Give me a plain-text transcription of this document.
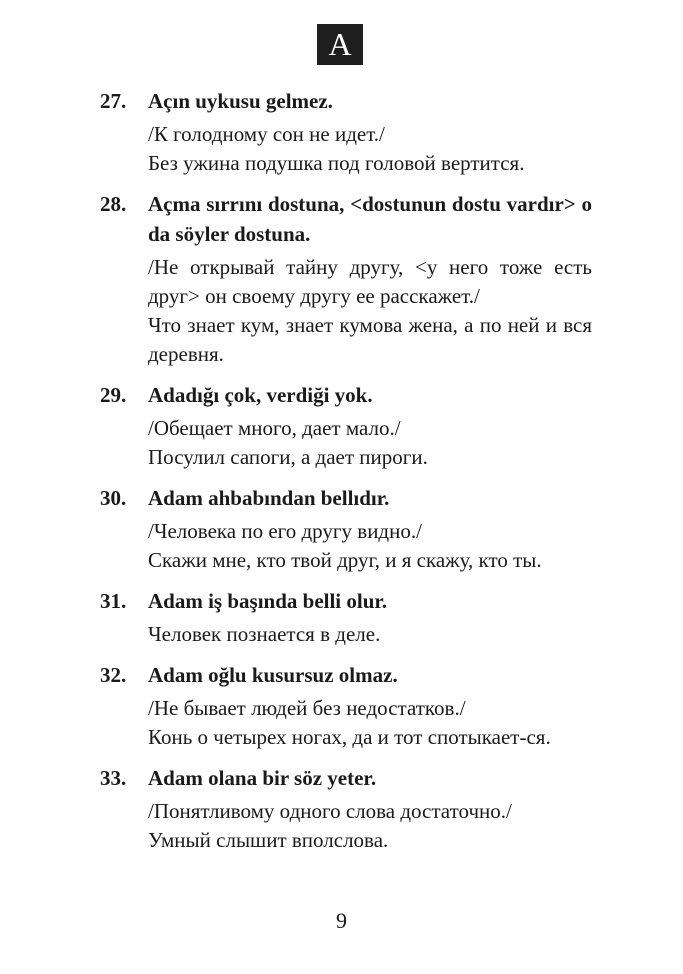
A
27. Açın uykusu gelmez.
/К голодному сон не идет./
Без ужина подушка под головой вертится.
28. Açma sırrını dostuna, <dostunun dostu vardır> o da söyler dostuna.
/Не открывай тайну другу, <у него тоже есть друг> он своему другу ее расскажет./
Что знает кум, знает кумова жена, а по ней и вся деревня.
29. Adadığı çok, verdiği yok.
/Обещает много, дает мало./
Посулил сапоги, а дает пироги.
30. Adam ahbabından bellıdır.
/Человека по его другу видно./
Скажи мне, кто твой друг, и я скажу, кто ты.
31. Adam iş başında belli olur.
Человек познается в деле.
32. Adam oğlu kusursuz olmaz.
/Не бывает людей без недостатков./
Конь о четырех ногах, да и тот спотыкает-ся.
33. Adam olana bir söz yeter.
/Понятливому одного слова достаточно./
Умный слышит вполслова.
9
